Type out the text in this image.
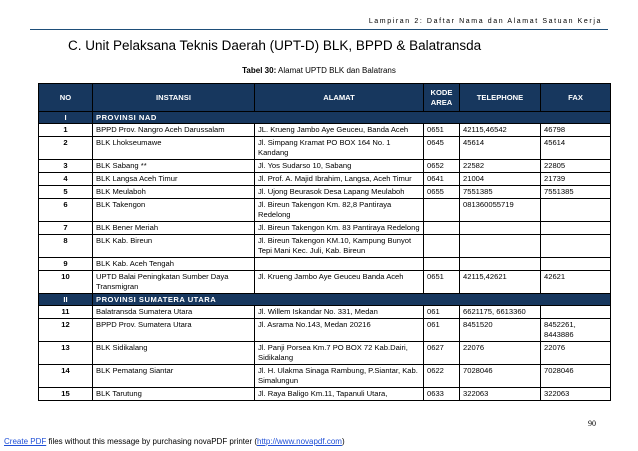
Lampiran 2: Daftar Nama dan Alamat Satuan Kerja
C. Unit Pelaksana Teknis Daerah (UPT-D) BLK, BPPD & Balatransda
Tabel 30: Alamat UPTD BLK dan Balatrans
NO	INSTANSI	ALAMAT	KODE AREA	TELEPHONE	FAX
I	PROVINSI NAD				
1	BPPD Prov. Nangro Aceh Darussalam	JL. Krueng Jambo Aye Geuceu, Banda Aceh	0651	42115,46542	46798
2	BLK Lhokseumawe	Jl. Simpang Kramat PO BOX 164 No. 1 Kandang	0645	45614	45614
3	BLK Sabang **	Jl. Yos Sudarso 10, Sabang	0652	22582	22805
4	BLK Langsa Aceh Timur	Jl. Prof. A. Majid Ibrahim, Langsa, Aceh Timur	0641	21004	21739
5	BLK Meulaboh	Jl. Ujong Beurasok Desa Lapang Meulaboh	0655	7551385	7551385
6	BLK Takengon	Jl. Bireun Takengon Km. 82,8 Pantiraya Redelong		081360055719	
7	BLK Bener Meriah	Jl. Bireun Takengon Km. 83 Pantiraya Redelong			
8	BLK Kab. Bireun	Jl. Bireun Takengon KM.10, Kampung Bunyot Tepi Mani Kec. Juli, Kab. Bireun			
9	BLK Kab. Aceh Tengah				
10	UPTD Balai Peningkatan Sumber Daya Transmigran	Jl. Krueng Jambo Aye Geuceu Banda Aceh	0651	42115,42621	42621
II	PROVINSI SUMATERA UTARA				
11	Balatransda Sumatera Utara	Jl. Willem Iskandar No. 331, Medan	061	6621175, 6613360	
12	BPPD Prov. Sumatera Utara	Jl. Asrama No.143, Medan 20216	061	8451520	8452261, 8443886
13	BLK Sidikalang	Jl. Panji Porsea Km.7 PO BOX 72 Kab.Dairi, Sidikalang	0627	22076	22076
14	BLK Pematang Siantar	Jl. H. Ulakma Sinaga Rambung, P.Siantar, Kab. Simalungun	0622	7028046	7028046
15	BLK Tarutung	Jl. Raya Baligo Km.11, Tapanuli Utara,	0633	322063	322063
90
Create PDF files without this message by purchasing novaPDF printer (http://www.novapdf.com)
